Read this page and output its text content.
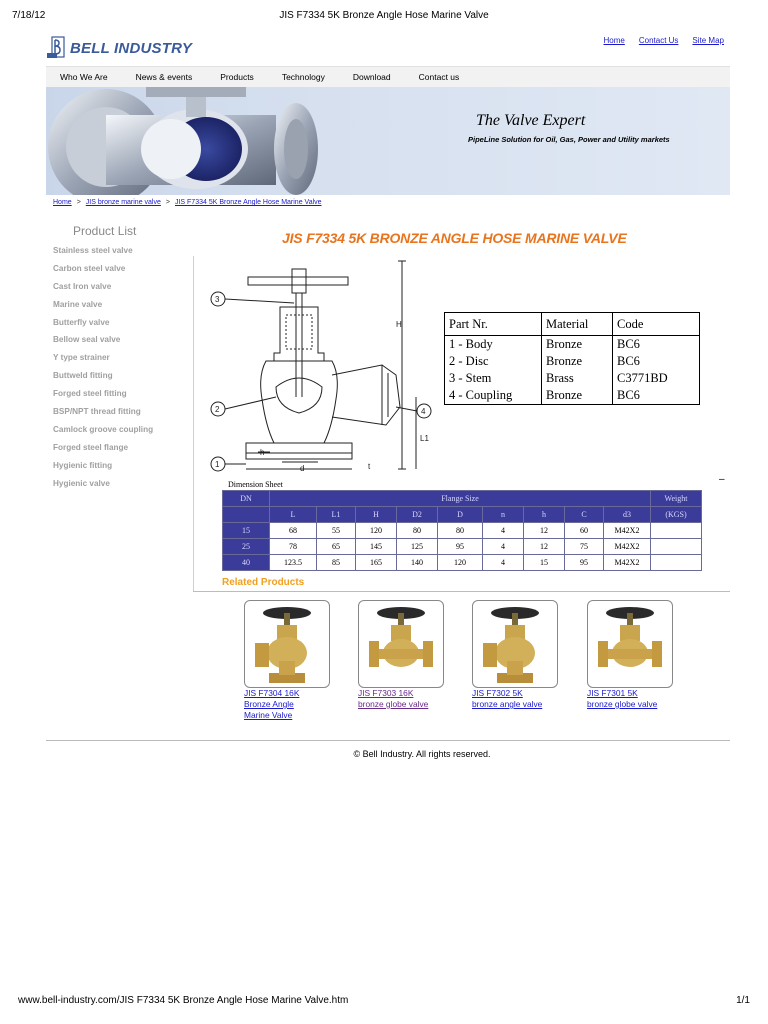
7/18/12	JIS F7334 5K Bronze Angle Hose Marine Valve
BELL INDUSTRY	Home Contact Us Site Map
Who We Are	News & events	Products	Technology	Download	Contact us
The Valve Expert
PipeLine Solution for Oil, Gas, Power and Utility markets
Home > JIS bronze marine valve > JIS F7334 5K Bronze Angle Hose Marine Valve
Product List
Stainless steel valve
Carbon steel valve
Cast Iron valve
Marine valve
Butterfly valve
Bellow seal valve
Y type strainer
Buttweld fitting
Forged steel fitting
BSP/NPT thread fitting
Camlock groove coupling
Forged steel flange
Hygienic fitting
Hygienic valve
JIS F7334 5K BRONZE ANGLE HOSE MARINE VALVE
3
2
1
4
H
L1
h
d	t
Part Nr.	Material	Code
1 - Body	Bronze	BC6
2 - Disc	Bronze	BC6
3 - Stem	Brass	C3771BD
4 - Coupling	Bronze	BC6
–
Dimension Sheet
DN	Flange Size									Weight
	L	L1	H	D2	D	n	h	C	d3	(KGS)
15	68	55	120	80	80	4	12	60	M42X2	
25	78	65	145	125	95	4	12	75	M42X2	
40	123.5	85	165	140	120	4	15	95	M42X2	
Related Products
JIS F7304 16K
Bronze Angle
Marine Valve
JIS F7303 16K
bronze globe valve
JIS F7302 5K
bronze angle valve
JIS F7301 5K
bronze globe valve
© Bell Industry. All rights reserved.
www.bell-industry.com/JIS F7334 5K Bronze Angle Hose Marine Valve.htm	1/1
